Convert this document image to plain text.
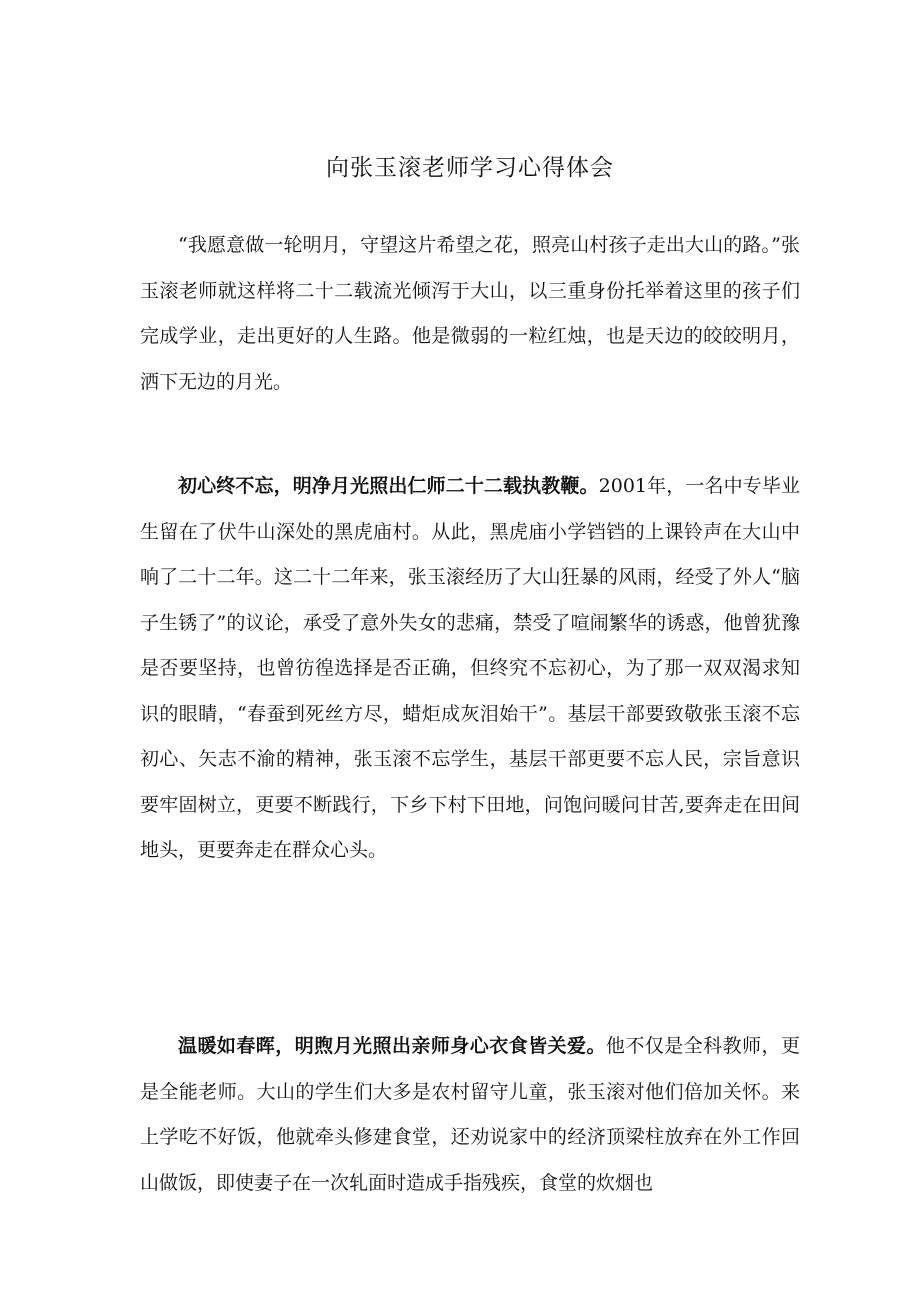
向张玉滚老师学习心得体会

“我愿意做一轮明月，守望这片希望之花，照亮山村孩子走出大山的路。”张玉滚老师就这样将二十二载流光倾泻于大山，以三重身份托举着这里的孩子们完成学业，走出更好的人生路。他是微弱的一粒红烛，也是天边的皎皎明月，洒下无边的月光。

初心终不忘，明净月光照出仁师二十二载执教鞭。2001年，一名中专毕业生留在了伏牛山深处的黑虎庙村。从此，黑虎庙小学铛铛的上课铃声在大山中响了二十二年。这二十二年来，张玉滚经历了大山狂暴的风雨，经受了外人“脑子生锈了”的议论，承受了意外失女的悲痛，禁受了喧闹繁华的诱惑，他曾犹豫是否要坚持，也曾彷徨选择是否正确，但终究不忘初心，为了那一双双渴求知识的眼睛，“春蚕到死丝方尽，蜡炬成灰泪始干”。基层干部要致敬张玉滚不忘初心、矢志不渝的精神，张玉滚不忘学生，基层干部更要不忘人民，宗旨意识要牢固树立，更要不断践行，下乡下村下田地，问饱问暖问甘苦,要奔走在田间地头，更要奔走在群众心头。

温暖如春晖，明煦月光照出亲师身心衣食皆关爱。他不仅是全科教师，更是全能老师。大山的学生们大多是农村留守儿童，张玉滚对他们倍加关怀。来上学吃不好饭，他就牵头修建食堂，还劝说家中的经济顶梁柱放弃在外工作回山做饭，即使妻子在一次轧面时造成手指残疾，食堂的炊烟也
